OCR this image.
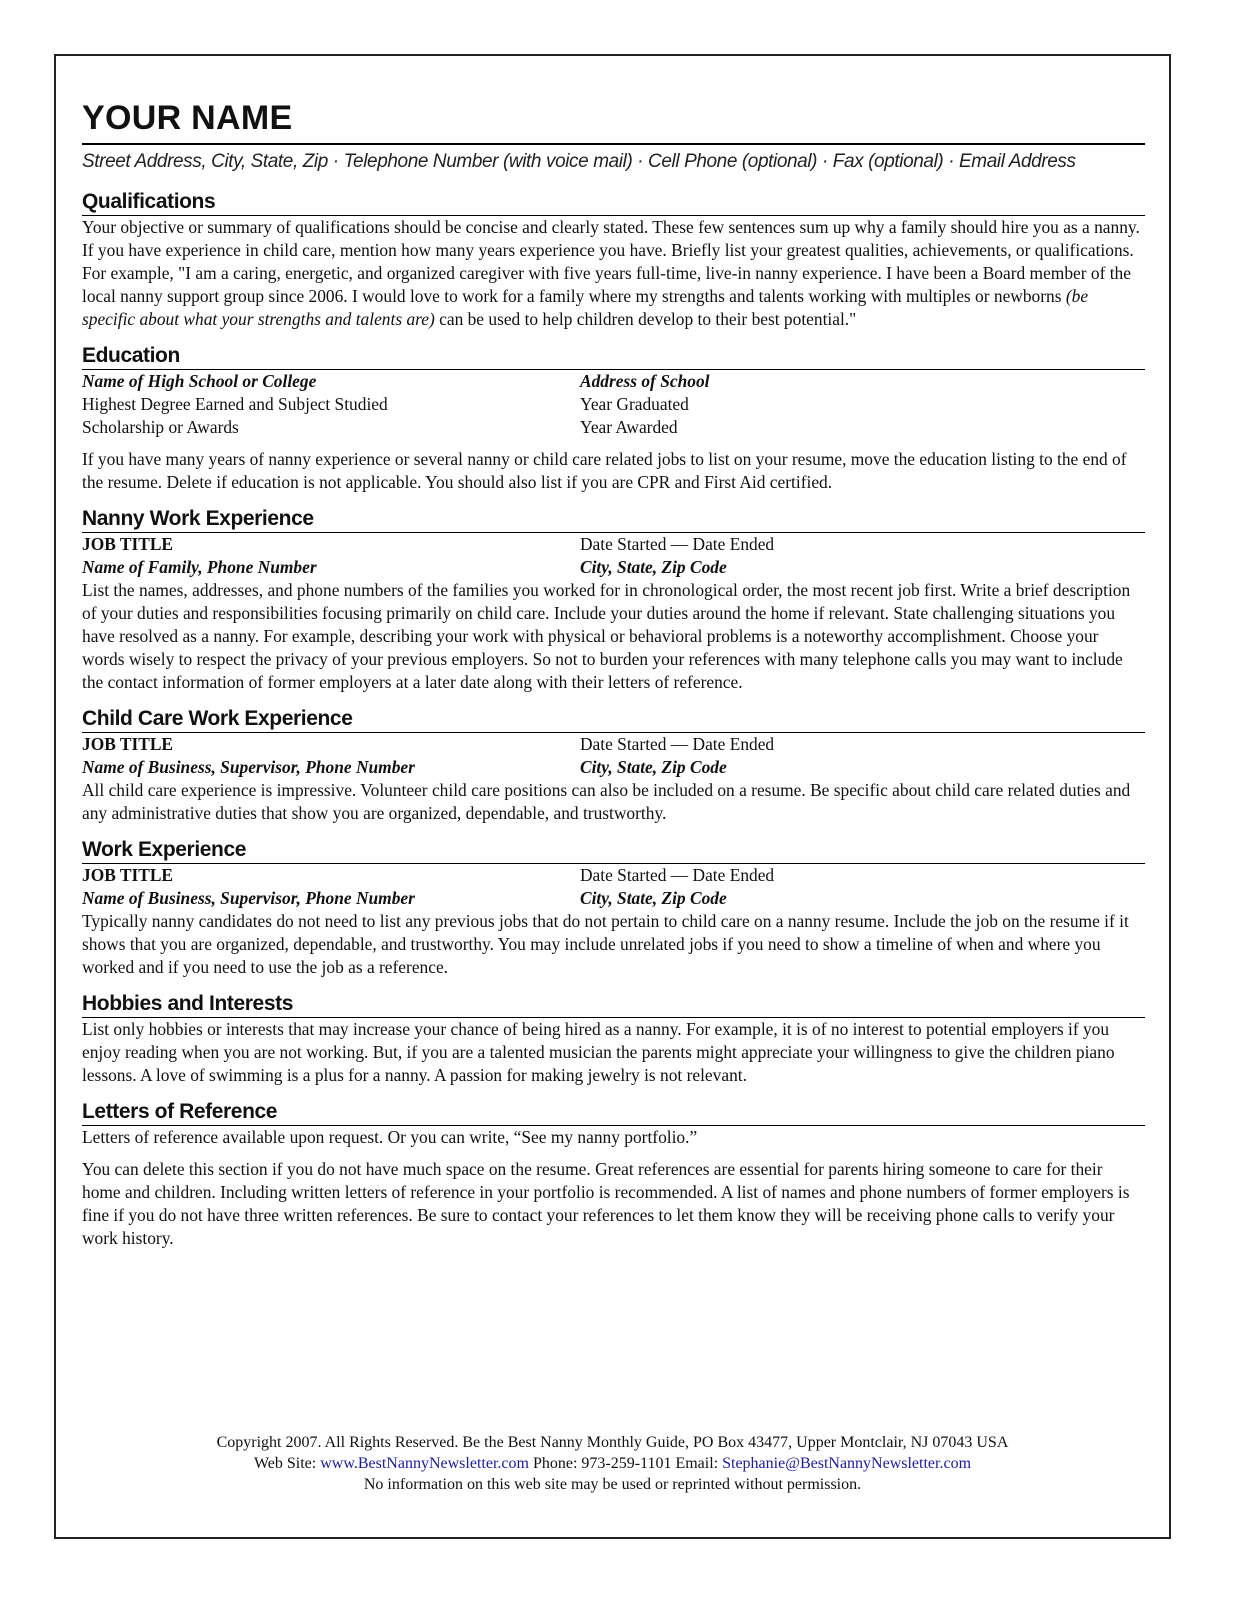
YOUR NAME
Street Address, City, State, Zip · Telephone Number (with voice mail) · Cell Phone (optional) · Fax (optional) · Email Address
Qualifications

Your objective or summary of qualifications should be concise and clearly stated. These few sentences sum up why a family should hire you as a nanny. If you have experience in child care, mention how many years experience you have. Briefly list your greatest qualities, achievements, or qualifications. For example, "I am a caring, energetic, and organized caregiver with five years full-time, live-in nanny experience. I have been a Board member of the local nanny support group since 2006. I would love to work for a family where my strengths and talents working with multiples or newborns (be specific about what your strengths and talents are) can be used to help children develop to their best potential."

Education
Name of High School or College	Address of School
Highest Degree Earned and Subject Studied	Year Graduated
Scholarship or Awards	Year Awarded

If you have many years of nanny experience or several nanny or child care related jobs to list on your resume, move the education listing to the end of the resume. Delete if education is not applicable. You should also list if you are CPR and First Aid certified.

Nanny Work Experience
JOB TITLE	Date Started — Date Ended
Name of Family, Phone Number	City, State, Zip Code

List the names, addresses, and phone numbers of the families you worked for in chronological order, the most recent job first. Write a brief description of your duties and responsibilities focusing primarily on child care. Include your duties around the home if relevant. State challenging situations you have resolved as a nanny. For example, describing your work with physical or behavioral problems is a noteworthy accomplishment. Choose your words wisely to respect the privacy of your previous employers. So not to burden your references with many telephone calls you may want to include the contact information of former employers at a later date along with their letters of reference.

Child Care Work Experience
JOB TITLE	Date Started — Date Ended
Name of Business, Supervisor, Phone Number	City, State, Zip Code

All child care experience is impressive. Volunteer child care positions can also be included on a resume. Be specific about child care related duties and any administrative duties that show you are organized, dependable, and trustworthy.

Work Experience
JOB TITLE	Date Started — Date Ended
Name of Business, Supervisor, Phone Number	City, State, Zip Code

Typically nanny candidates do not need to list any previous jobs that do not pertain to child care on a nanny resume. Include the job on the resume if it shows that you are organized, dependable, and trustworthy. You may include unrelated jobs if you need to show a timeline of when and where you worked and if you need to use the job as a reference.

Hobbies and Interests

List only hobbies or interests that may increase your chance of being hired as a nanny. For example, it is of no interest to potential employers if you enjoy reading when you are not working. But, if you are a talented musician the parents might appreciate your willingness to give the children piano lessons. A love of swimming is a plus for a nanny. A passion for making jewelry is not relevant.

Letters of Reference

Letters of reference available upon request. Or you can write, “See my nanny portfolio.”

You can delete this section if you do not have much space on the resume. Great references are essential for parents hiring someone to care for their home and children. Including written letters of reference in your portfolio is recommended. A list of names and phone numbers of former employers is fine if you do not have three written references. Be sure to contact your references to let them know they will be receiving phone calls to verify your work history.

Copyright 2007. All Rights Reserved. Be the Best Nanny Monthly Guide, PO Box 43477, Upper Montclair, NJ 07043 USA
Web Site: www.BestNannyNewsletter.com Phone: 973-259-1101 Email: Stephanie@BestNannyNewsletter.com
No information on this web site may be used or reprinted without permission.
